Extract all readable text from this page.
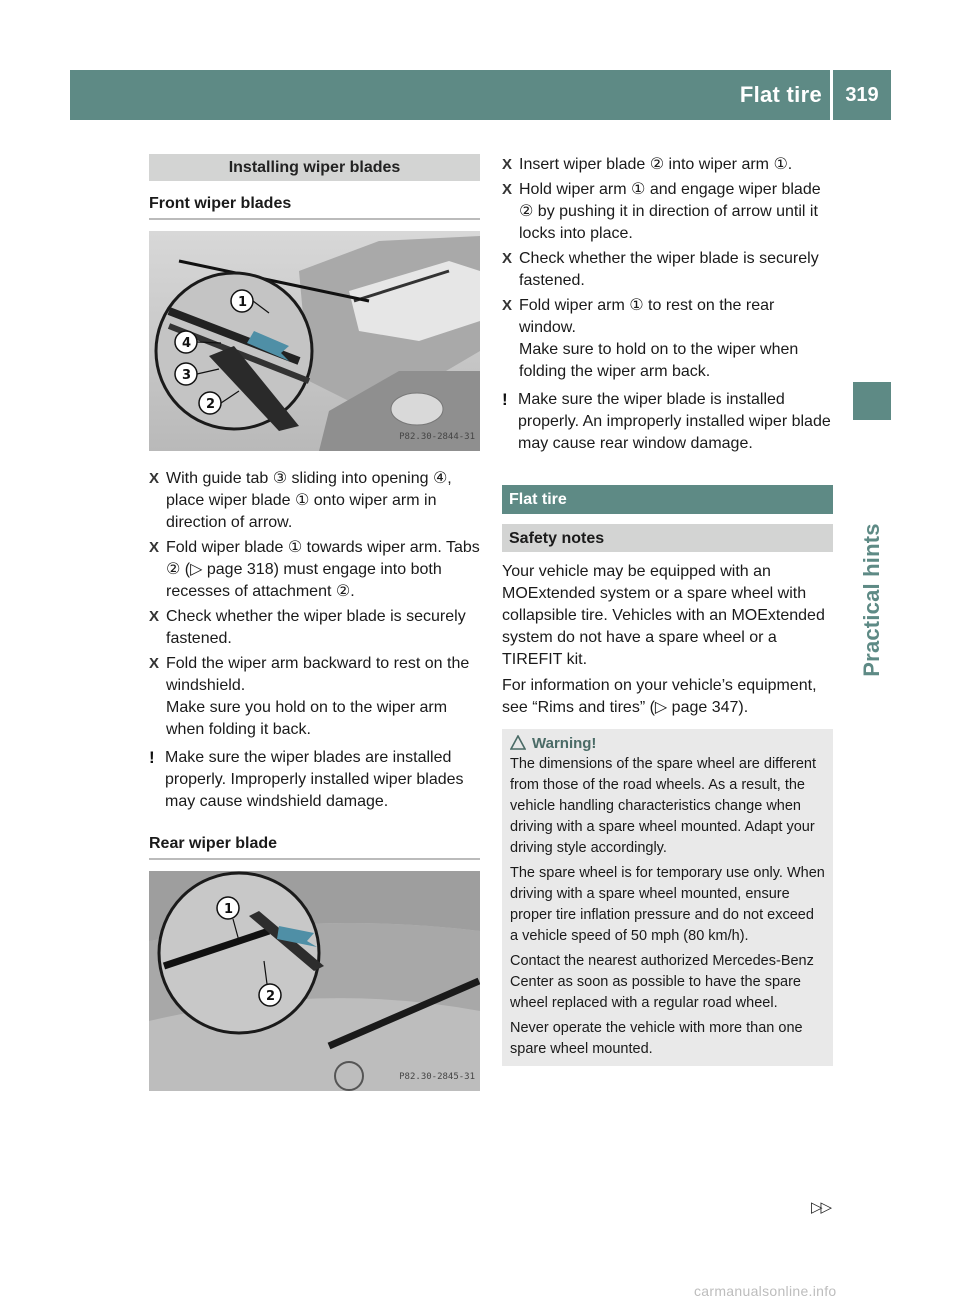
Flat tire	319
Practical hints
Installing wiper blades
Front wiper blades
1
2
3
4
P82.30-2844-31
X With guide tab ③ sliding into opening ④, place wiper blade ① onto wiper arm in direction of arrow.
X Fold wiper blade ① towards wiper arm. Tabs ② (▷ page 318) must engage into both recesses of attachment ②.
X Check whether the wiper blade is securely fastened.
X Fold the wiper arm backward to rest on the windshield.
Make sure you hold on to the wiper arm when folding it back.
! Make sure the wiper blades are installed properly. Improperly installed wiper blades may cause windshield damage.
Rear wiper blade
1
2
P82.30-2845-31
X Insert wiper blade ② into wiper arm ①.
X Hold wiper arm ① and engage wiper blade ② by pushing it in direction of arrow until it locks into place.
X Check whether the wiper blade is securely fastened.
X Fold wiper arm ① to rest on the rear window.
Make sure to hold on to the wiper when folding the wiper arm back.
! Make sure the wiper blade is installed properly. An improperly installed wiper blade may cause rear window damage.
Flat tire
Safety notes
Your vehicle may be equipped with an MOExtended system or a spare wheel with collapsible tire. Vehicles with an MOExtended system do not have a spare wheel or a TIREFIT kit.
For information on your vehicle’s equipment, see “Rims and tires” (▷ page 347).
Warning!

The dimensions of the spare wheel are different from those of the road wheels. As a result, the vehicle handling characteristics change when driving with a spare wheel mounted. Adapt your driving style accordingly.

The spare wheel is for temporary use only. When driving with a spare wheel mounted, ensure proper tire inflation pressure and do not exceed a vehicle speed of 50 mph (80 km/h).

Contact the nearest authorized Mercedes-Benz Center as soon as possible to have the spare wheel replaced with a regular road wheel.

Never operate the vehicle with more than one spare wheel mounted.

▷▷
carmanualsonline.info
